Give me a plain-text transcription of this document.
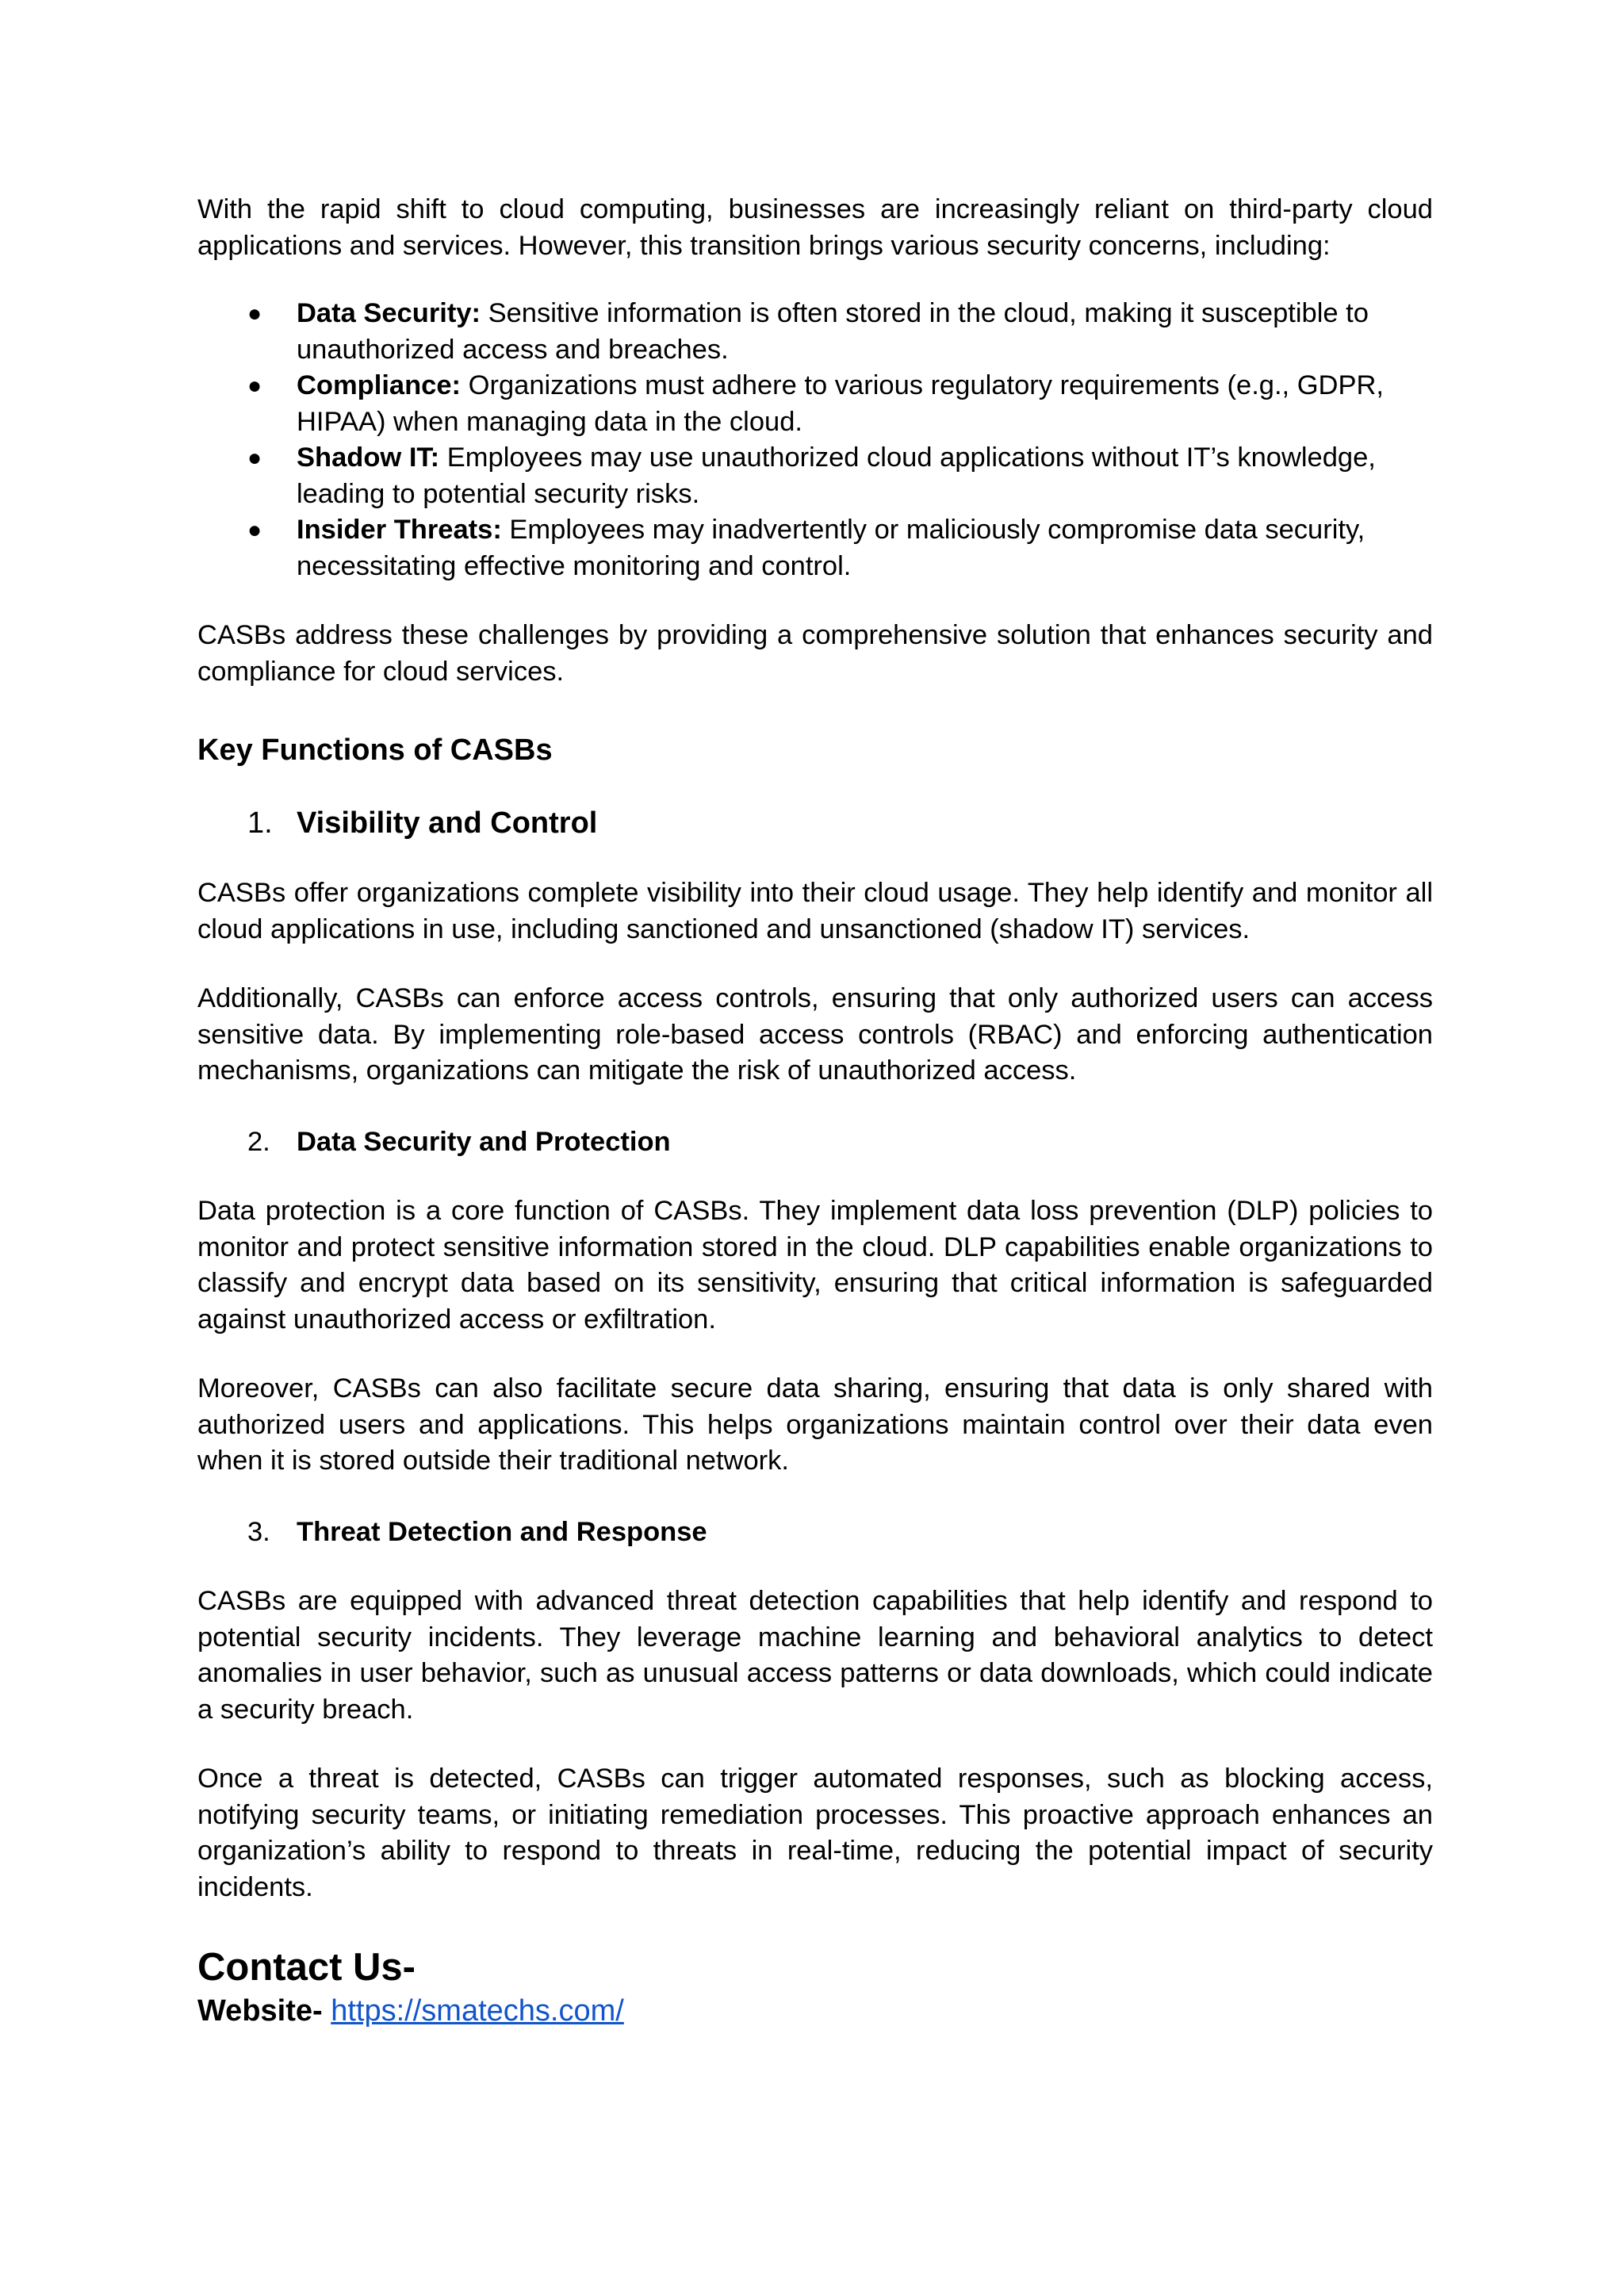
With the rapid shift to cloud computing, businesses are increasingly reliant on third-party cloud applications and services. However, this transition brings various security concerns, including:

● Data Security: Sensitive information is often stored in the cloud, making it susceptible to unauthorized access and breaches.
● Compliance: Organizations must adhere to various regulatory requirements (e.g., GDPR, HIPAA) when managing data in the cloud.
● Shadow IT: Employees may use unauthorized cloud applications without IT’s knowledge, leading to potential security risks.
● Insider Threats: Employees may inadvertently or maliciously compromise data security, necessitating effective monitoring and control.

CASBs address these challenges by providing a comprehensive solution that enhances security and compliance for cloud services.

Key Functions of CASBs
1. Visibility and Control

CASBs offer organizations complete visibility into their cloud usage. They help identify and monitor all cloud applications in use, including sanctioned and unsanctioned (shadow IT) services.

Additionally, CASBs can enforce access controls, ensuring that only authorized users can access sensitive data. By implementing role-based access controls (RBAC) and enforcing authentication mechanisms, organizations can mitigate the risk of unauthorized access.

2. Data Security and Protection

Data protection is a core function of CASBs. They implement data loss prevention (DLP) policies to monitor and protect sensitive information stored in the cloud. DLP capabilities enable organizations to classify and encrypt data based on its sensitivity, ensuring that critical information is safeguarded against unauthorized access or exfiltration.

Moreover, CASBs can also facilitate secure data sharing, ensuring that data is only shared with authorized users and applications. This helps organizations maintain control over their data even when it is stored outside their traditional network.

3. Threat Detection and Response

CASBs are equipped with advanced threat detection capabilities that help identify and respond to potential security incidents. They leverage machine learning and behavioral analytics to detect anomalies in user behavior, such as unusual access patterns or data downloads, which could indicate a security breach.

Once a threat is detected, CASBs can trigger automated responses, such as blocking access, notifying security teams, or initiating remediation processes. This proactive approach enhances an organization’s ability to respond to threats in real-time, reducing the potential impact of security incidents.

Contact Us-

Website- https://smatechs.com/
